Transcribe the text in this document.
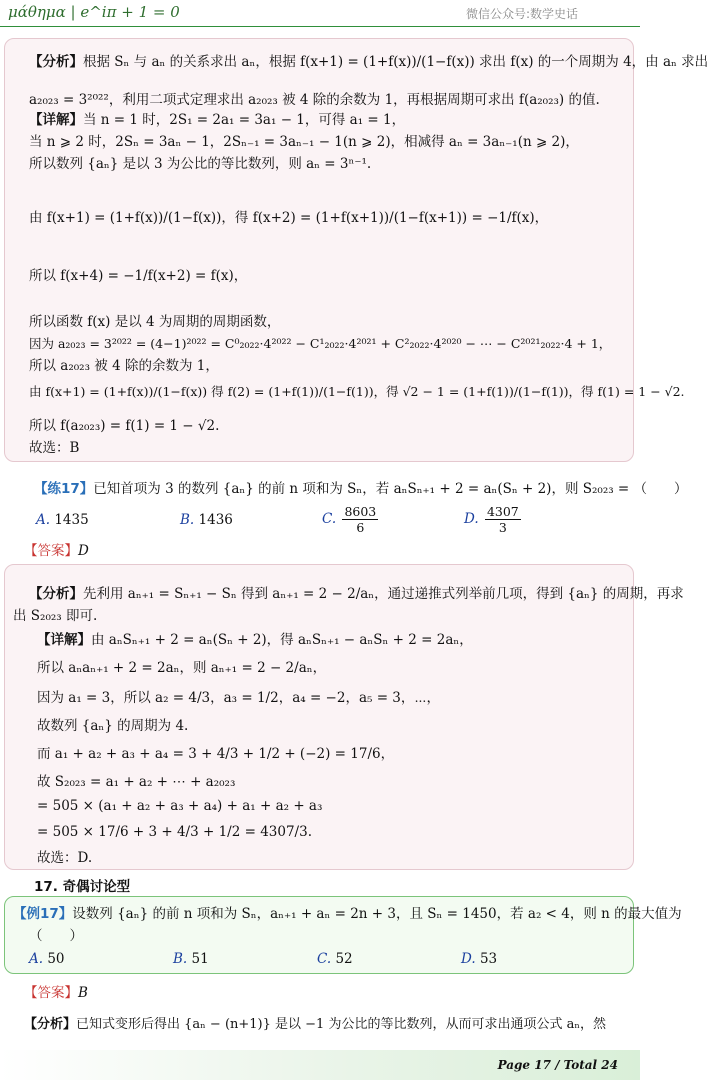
μάθημα | e^iπ + 1 = 0	微信公众号:数学史话
【分析】根据 Sₙ 与 aₙ 的关系求出 aₙ，根据 f(x+1) = (1+f(x))/(1−f(x)) 求出 f(x) 的一个周期为 4，由 aₙ 求出
a₂₀₂₃ = 3²⁰²²，利用二项式定理求出 a₂₀₂₃ 被 4 除的余数为 1，再根据周期可求出 f(a₂₀₂₃) 的值.
【详解】当 n = 1 时，2S₁ = 2a₁ = 3a₁ − 1，可得 a₁ = 1，
当 n ⩾ 2 时，2Sₙ = 3aₙ − 1，2Sₙ₋₁ = 3aₙ₋₁ − 1(n ⩾ 2)，相减得 aₙ = 3aₙ₋₁(n ⩾ 2)，
所以数列 {aₙ} 是以 3 为公比的等比数列，则 aₙ = 3ⁿ⁻¹.
由 f(x+1) = (1+f(x))/(1−f(x))，得 f(x+2) = (1+f(x+1))/(1−f(x+1)) = −1/f(x)，
所以 f(x+4) = −1/f(x+2) = f(x)，
所以函数 f(x) 是以 4 为周期的周期函数，
因为 a₂₀₂₃ = 3²⁰²² = (4−1)²⁰²² = C⁰₂₀₂₂·4²⁰²² − C¹₂₀₂₂·4²⁰²¹ + C²₂₀₂₂·4²⁰²⁰ − ⋯ − C²⁰²¹₂₀₂₂·4 + 1，
所以 a₂₀₂₃ 被 4 除的余数为 1，
由 f(x+1) = (1+f(x))/(1−f(x)) 得 f(2) = (1+f(1))/(1−f(1))，得 √2 − 1 = (1+f(1))/(1−f(1))，得 f(1) = 1 − √2.
所以 f(a₂₀₂₃) = f(1) = 1 − √2.
故选：B
【练17】已知首项为 3 的数列 {aₙ} 的前 n 项和为 Sₙ，若 aₙSₙ₊₁ + 2 = aₙ(Sₙ + 2)，则 S₂₀₂₃ = （　　）
A. 1435	B. 1436	C. $\frac{8603}{6}$	D. $\frac{4307}{3}$
【答案】D
【分析】先利用 aₙ₊₁ = Sₙ₊₁ − Sₙ 得到 aₙ₊₁ = 2 − 2/aₙ，通过递推式列举前几项，得到 {aₙ} 的周期，再求
出 S₂₀₂₃ 即可.
【详解】由 aₙSₙ₊₁ + 2 = aₙ(Sₙ + 2)，得 aₙSₙ₊₁ − aₙSₙ + 2 = 2aₙ，
所以 aₙaₙ₊₁ + 2 = 2aₙ，则 aₙ₊₁ = 2 − 2/aₙ，
因为 a₁ = 3，所以 a₂ = 4/3，a₃ = 1/2，a₄ = −2，a₅ = 3，⋯，
故数列 {aₙ} 的周期为 4.
而 a₁ + a₂ + a₃ + a₄ = 3 + 4/3 + 1/2 + (−2) = 17/6，
故 S₂₀₂₃ = a₁ + a₂ + ⋯ + a₂₀₂₃
= 505 × (a₁ + a₂ + a₃ + a₄) + a₁ + a₂ + a₃
= 505 × 17/6 + 3 + 4/3 + 1/2 = 4307/3.
故选：D.
17. 奇偶讨论型
【例17】设数列 {aₙ} 的前 n 项和为 Sₙ，aₙ₊₁ + aₙ = 2n + 3，且 Sₙ = 1450，若 a₂ < 4，则 n 的最大值为
（　　）
A. 50	B. 51	C. 52	D. 53
【答案】B
【分析】已知式变形后得出 {aₙ − (n+1)} 是以 −1 为公比的等比数列，从而可求出通项公式 aₙ，然
Page 17 / Total 24
